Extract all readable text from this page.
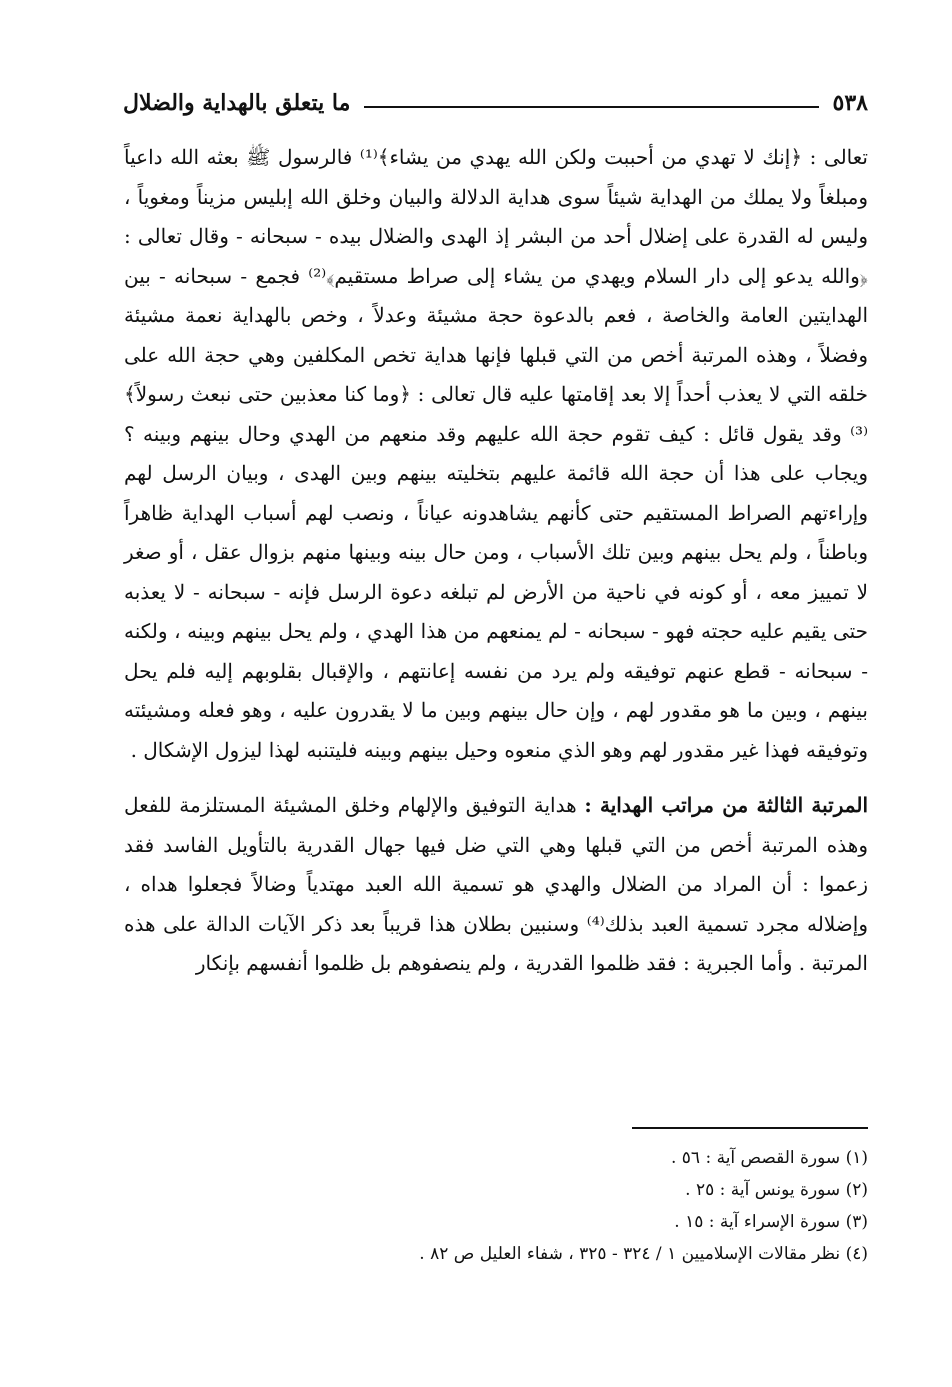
٥٣٨
ما يتعلق بالهداية والضلال

تعالى : ﴿إنك لا تهدي من أحببت ولكن الله يهدي من يشاء﴾⁽¹⁾ فالرسول ﷺ بعثه الله داعياً ومبلغاً ولا يملك من الهداية شيئاً سوى هداية الدلالة والبيان وخلق الله إبليس مزيناً ومغوياً ، وليس له القدرة على إضلال أحد من البشر إذ الهدى والضلال بيده - سبحانه - وقال تعالى : ﴿والله يدعو إلى دار السلام ويهدي من يشاء إلى صراط مستقيم﴾⁽²⁾ فجمع - سبحانه - بين الهدايتين العامة والخاصة ، فعم بالدعوة حجة مشيئة وعدلاً ، وخص بالهداية نعمة مشيئة وفضلاً ، وهذه المرتبة أخص من التي قبلها فإنها هداية تخص المكلفين وهي حجة الله على خلقه التي لا يعذب أحداً إلا بعد إقامتها عليه قال تعالى : ﴿وما كنا معذبين حتى نبعث رسولاً﴾⁽³⁾ وقد يقول قائل : كيف تقوم حجة الله عليهم وقد منعهم من الهدي وحال بينهم وبينه ؟ ويجاب على هذا أن حجة الله قائمة عليهم بتخليته بينهم وبين الهدى ، وبيان الرسل لهم وإراءتهم الصراط المستقيم حتى كأنهم يشاهدونه عياناً ، ونصب لهم أسباب الهداية ظاهراً وباطناً ، ولم يحل بينهم وبين تلك الأسباب ، ومن حال بينه وبينها منهم بزوال عقل ، أو صغر لا تمييز معه ، أو كونه في ناحية من الأرض لم تبلغه دعوة الرسل فإنه - سبحانه - لا يعذبه حتى يقيم عليه حجته فهو - سبحانه - لم يمنعهم من هذا الهدي ، ولم يحل بينهم وبينه ، ولكنه - سبحانه - قطع عنهم توفيقه ولم يرد من نفسه إعانتهم ، والإقبال بقلوبهم إليه فلم يحل بينهم ، وبين ما هو مقدور لهم ، وإن حال بينهم وبين ما لا يقدرون عليه ، وهو فعله ومشيئته وتوفيقه فهذا غير مقدور لهم وهو الذي منعوه وحيل بينهم وبينه فليتنبه لهذا ليزول الإشكال .

المرتبة الثالثة من مراتب الهداية : هداية التوفيق والإلهام وخلق المشيئة المستلزمة للفعل وهذه المرتبة أخص من التي قبلها وهي التي ضل فيها جهال القدرية بالتأويل الفاسد فقد زعموا : أن المراد من الضلال والهدي هو تسمية الله العبد مهتدياً وضالاً فجعلوا هداه ، وإضلاله مجرد تسمية العبد بذلك⁽⁴⁾ وسنبين بطلان هذا قريباً بعد ذكر الآيات الدالة على هذه المرتبة . وأما الجبرية : فقد ظلموا القدرية ، ولم ينصفوهم بل ظلموا أنفسهم بإنكار

(١) سورة القصص آية : ٥٦ .
(٢) سورة يونس آية : ٢٥ .
(٣) سورة الإسراء آية : ١٥ .
(٤) نظر مقالات الإسلاميين ١ / ٣٢٤ - ٣٢٥ ، شفاء العليل ص ٨٢ .
